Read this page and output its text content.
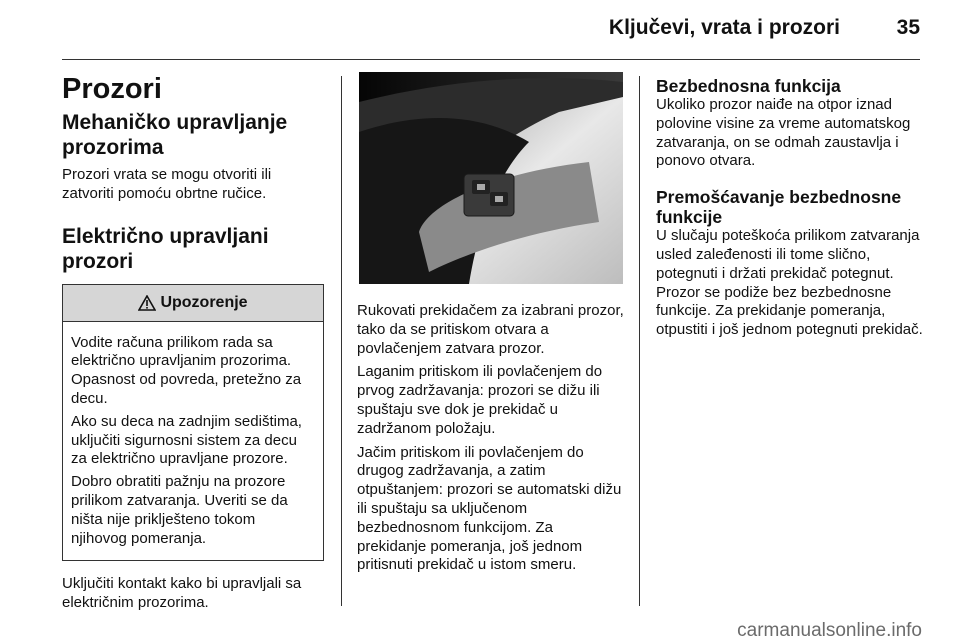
Ključevi, vrata i prozori	35
Prozori
Mehaničko upravljanje prozorima
Prozori vrata se mogu otvoriti ili zatvoriti pomoću obrtne ručice.
Električno upravljani prozori
Upozorenje
Vodite računa prilikom rada sa električno upravljanim prozorima. Opasnost od povreda, pretežno za decu.
Ako su deca na zadnjim sedištima, uključiti sigurnosni sistem za decu za električno upravljane prozore.
Dobro obratiti pažnju na prozore prilikom zatvaranja. Uveriti se da ništa nije priklješteno tokom njihovog pomeranja.
Uključiti kontakt kako bi upravljali sa električnim prozorima.
Rukovati prekidačem za izabrani prozor, tako da se pritiskom otvara a povlačenjem zatvara prozor.
Laganim pritiskom ili povlačenjem do prvog zadržavanja: prozori se dižu ili spuštaju sve dok je prekidač u zadržanom položaju.
Jačim pritiskom ili povlačenjem do drugog zadržavanja, a zatim otpuštanjem: prozori se automatski dižu ili spuštaju sa uključenom bezbednosnom funkcijom. Za prekidanje pomeranja, još jednom pritisnuti prekidač u istom smeru.
Bezbednosna funkcija
Ukoliko prozor naiđe na otpor iznad polovine visine za vreme automatskog zatvaranja, on se odmah zaustavlja i ponovo otvara.
Premošćavanje bezbednosne funkcije
U slučaju poteškoća prilikom zatvaranja usled zaleđenosti ili tome slično, potegnuti i držati prekidač potegnut. Prozor se podiže bez bezbednosne funkcije. Za prekidanje pomeranja, otpustiti i još jednom potegnuti prekidač.
carmanualsonline.info
